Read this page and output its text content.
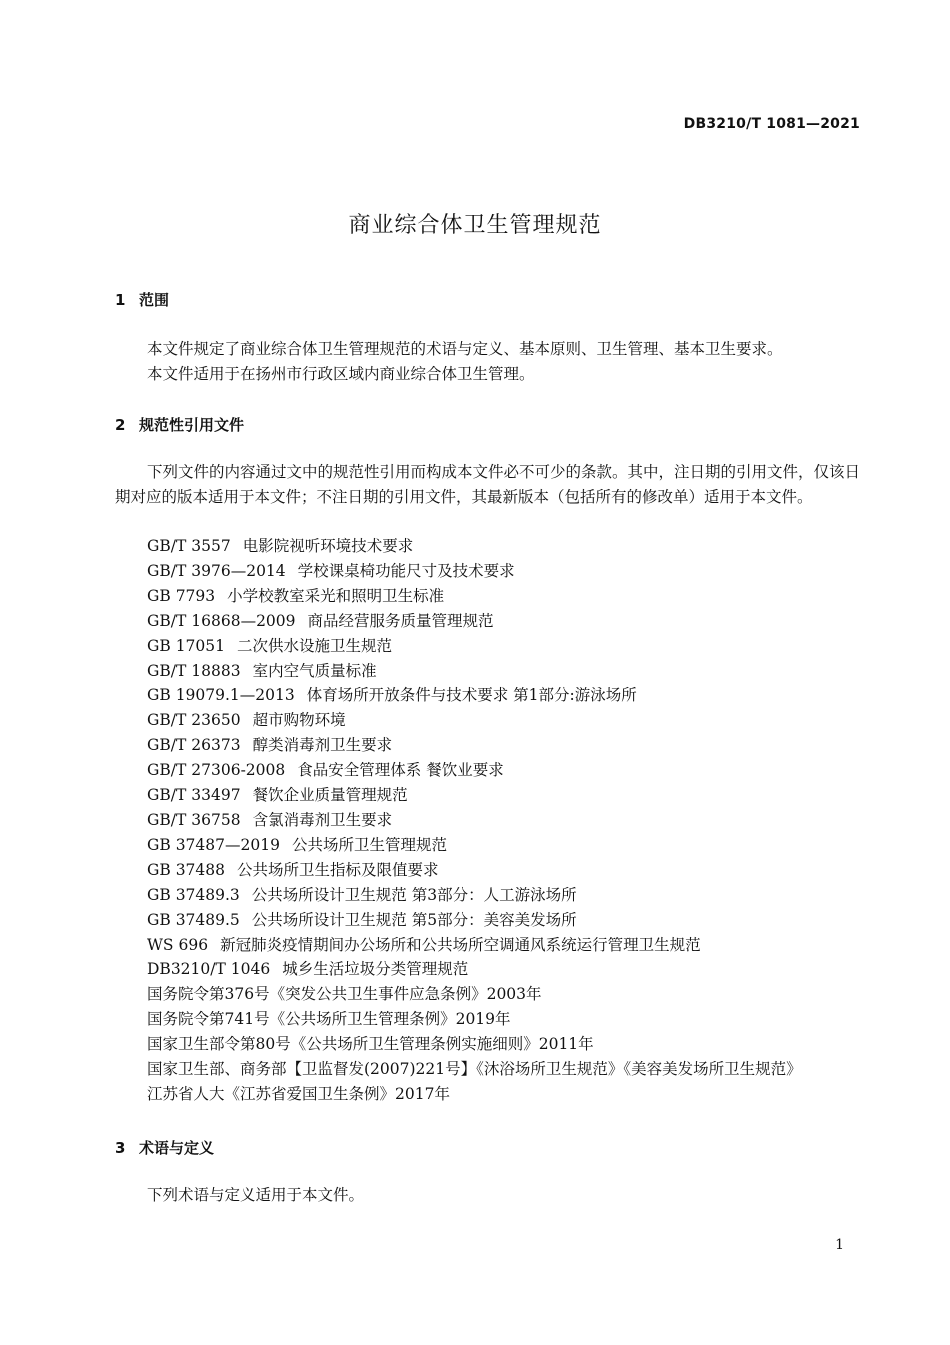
DB3210/T 1081—2021
商业综合体卫生管理规范
1 范围
本文件规定了商业综合体卫生管理规范的术语与定义、基本原则、卫生管理、基本卫生要求。
本文件适用于在扬州市行政区域内商业综合体卫生管理。
2 规范性引用文件
下列文件的内容通过文中的规范性引用而构成本文件必不可少的条款。其中，注日期的引用文件，仅该日期对应的版本适用于本文件；不注日期的引用文件，其最新版本（包括所有的修改单）适用于本文件。
GB/T 3557 电影院视听环境技术要求
GB/T 3976—2014 学校课桌椅功能尺寸及技术要求
GB 7793 小学校教室采光和照明卫生标准
GB/T 16868—2009 商品经营服务质量管理规范
GB 17051 二次供水设施卫生规范
GB/T 18883 室内空气质量标准
GB 19079.1—2013 体育场所开放条件与技术要求 第1部分:游泳场所
GB/T 23650 超市购物环境
GB/T 26373 醇类消毒剂卫生要求
GB/T 27306-2008 食品安全管理体系 餐饮业要求
GB/T 33497 餐饮企业质量管理规范
GB/T 36758 含氯消毒剂卫生要求
GB 37487—2019 公共场所卫生管理规范
GB 37488 公共场所卫生指标及限值要求
GB 37489.3 公共场所设计卫生规范 第3部分：人工游泳场所
GB 37489.5 公共场所设计卫生规范 第5部分：美容美发场所
WS 696 新冠肺炎疫情期间办公场所和公共场所空调通风系统运行管理卫生规范
DB3210/T 1046 城乡生活垃圾分类管理规范
国务院令第376号《突发公共卫生事件应急条例》2003年
国务院令第741号《公共场所卫生管理条例》2019年
国家卫生部令第80号《公共场所卫生管理条例实施细则》2011年
国家卫生部、商务部【卫监督发(2007)221号】《沐浴场所卫生规范》《美容美发场所卫生规范》
江苏省人大《江苏省爱国卫生条例》2017年
3 术语与定义
下列术语与定义适用于本文件。
1
